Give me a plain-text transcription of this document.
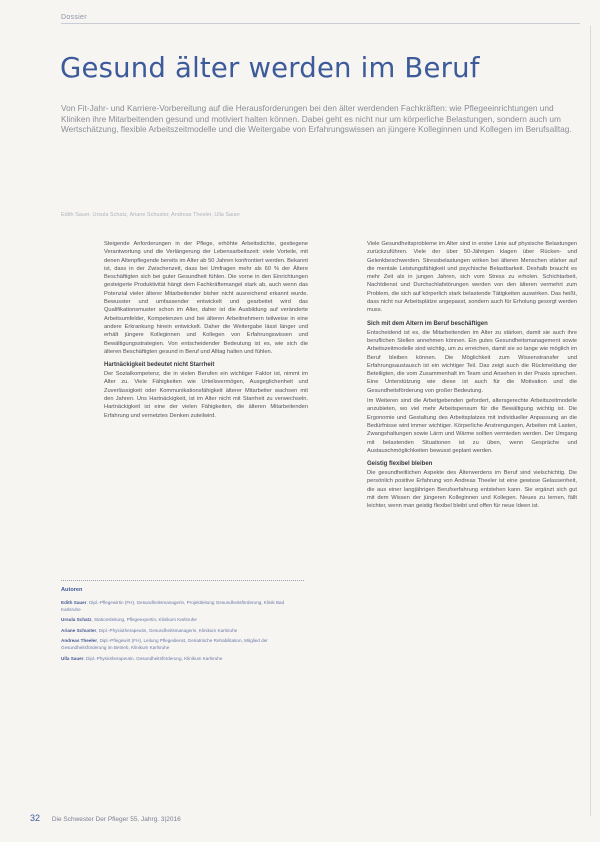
Dossier
Gesund älter werden im Beruf

Von Fit-Jahr- und Karriere-Vorbereitung auf die Herausforderungen bei den älter werdenden Fachkräften: wie Pflegeeinrichtungen und Kliniken ihre Mitarbeitenden gesund und motiviert halten können. Dabei geht es nicht nur um körperliche Belastungen, sondern auch um Wertschätzung, flexible Arbeitszeitmodelle und die Weitergabe von Erfahrungswissen an jüngere Kolleginnen und Kollegen im Berufsalltag.

Edith Sauer, Ursula Schatz, Ariane Schuster, Andreas Theeler, Ulla Sauer

Steigende Anforderungen in der Pflege, erhöhte Arbeitsdichte, gestiegene Verantwortung und die Verlängerung der Lebensarbeitszeit: viele Vorteile, mit denen Altenpflegende bereits im Alter ab 50 Jahren konfrontiert werden. Bekannt ist, dass in der Zwischenzeit, dass bei Umfragen mehr als 60 % der Ältere Beschäftigten sich bei guter Gesundheit fühlen. Die vorne in den Einrichtungen gesteigerte Produktivität hängt dem Fachkräftemangel stark ab, auch wenn das Potenzial vieler älterer Mitarbeitender bisher nicht ausreichend erkannt wurde. Bewusster und umfassender entwickelt und gearbeitet wird das Qualifikationsmuster schon im Alter, daher ist die Ausbildung auf veränderte Arbeitsumfelder, Kompetenzen und bei älteren Arbeitnehmern teilweise in eine andere Erkrankung hinein entwickelt. Daher die Weitergabe lässt länger und erhält jüngere Kolleginnen und Kollegen von Erfahrungswissen und Bewältigungsstrategien. Von entscheidender Bedeutung ist es, wie sich die älteren Beschäftigten gesund in Beruf und Alltag halten und fühlen.

Hartnäckigkeit bedeutet nicht Starrheit

Der Sozialkompetenz, die in vielen Berufen ein wichtiger Faktor ist, nimmt im Alter zu. Viele Fähigkeiten wie Urteilsvermögen, Ausgeglichenheit und Zuverlässigkeit oder Kommunikationsfähigkeit älterer Mitarbeiter wachsen mit den Jahren. Uns Hartnäckigkeit, ist im Alter nicht mit Starrheit zu verwechseln. Hartnäckigkeit ist eine der vielen Fähigkeiten, die älteren Mitarbeitenden Erfahrung und vernetztes Denken zuteilwird.

Viele Gesundheitsprobleme im Alter sind in erster Linie auf physische Belastungen zurückzuführen. Viele der über 50-Jährigen klagen über Rücken- und Gelenkbeschwerden. Stressbelastungen wirken bei älteren Menschen stärker auf die mentale Leistungsfähigkeit und psychische Belastbarkeit. Deshalb braucht es mehr Zeit als in jungen Jahren, sich vom Stress zu erholen. Schichtarbeit, Nachtdienst und Durchschlafstörungen werden von den älteren vermehrt zum Problem, die sich auf körperlich stark belastende Tätigkeiten auswirken. Das heißt, dass nicht nur Arbeitsplätze angepasst, sondern auch für Erholung gesorgt werden muss.

Sich mit dem Altern im Beruf beschäftigen

Entscheidend ist es, die Mitarbeitenden im Alter zu stärken, damit sie auch ihre beruflichen Stellen annehmen können. Ein gutes Gesundheitsmanagement sowie Arbeitszeitmodelle sind wichtig, um zu erreichen, damit sie so lange wie möglich im Beruf bleiben können. Die Möglichkeit zum Wissenstransfer und Erfahrungsaustausch ist ein wichtiger Teil. Das zeigt auch die Rückmeldung der Beteiligten, die vom Zusammenhalt im Team und Ansehen in der Praxis sprechen. Eine Unterstützung wie diese ist auch für die Motivation und die Gesundheitsförderung von großer Bedeutung.

Im Weiteren sind die Arbeitgebenden gefordert, altersgerechte Arbeitszeitmodelle anzubieten, wo viel mehr Arbeitspensum für die Bewältigung wichtig ist. Die Ergonomie und Gestaltung des Arbeitsplatzes mit individueller Anpassung an die Bedürfnisse wird immer wichtiger. Körperliche Anstrengungen, Arbeiten mit Lasten, Zwangshaltungen sowie Lärm und Wärme sollten vermieden werden. Der Umgang mit belastenden Situationen ist zu üben, wenn Gespräche und Austauschmöglichkeiten bewusst geplant werden.

Geistig flexibel bleiben

Die gesundheitlichen Aspekte des Älterwerdens im Beruf sind vielschichtig. Die persönlich positive Erfahrung von Andreas Theeler ist eine gewisse Gelassenheit, die aus einer langjährigen Berufserfahrung entstehen kann. Sie ergänzt sich gut mit dem Wissen der jüngeren Kolleginnen und Kollegen. Neues zu lernen, fällt leichter, wenn man geistig flexibel bleibt und offen für neue Ideen ist.

Autoren

Edith Sauer, Dipl.-Pflegewirtin (FH), Gesundheitsmanagerin, Projektleitung Gesundheitsförderung, Klinik Bad Karlsruhe

Ursula Schatz, Stationsleitung, Pflegeexpertin, Klinikum Karlsruhe

Ariane Schuster, Dipl.-Physiotherapeutin, Gesundheitsmanagerin, Klinikum Karlsruhe

Andreas Theeler, Dipl.-Pflegewirt (FH), Leitung Pflegedienst, Geriatrische Rehabilitation, Mitglied der Gesundheitsförderung im Betrieb, Klinikum Karlsruhe

Ulla Sauer, Dipl.-Physiotherapeutin, Gesundheitsförderung, Klinikum Karlsruhe

32 Die Schwester Der Pfleger 55. Jahrg. 3|2016
